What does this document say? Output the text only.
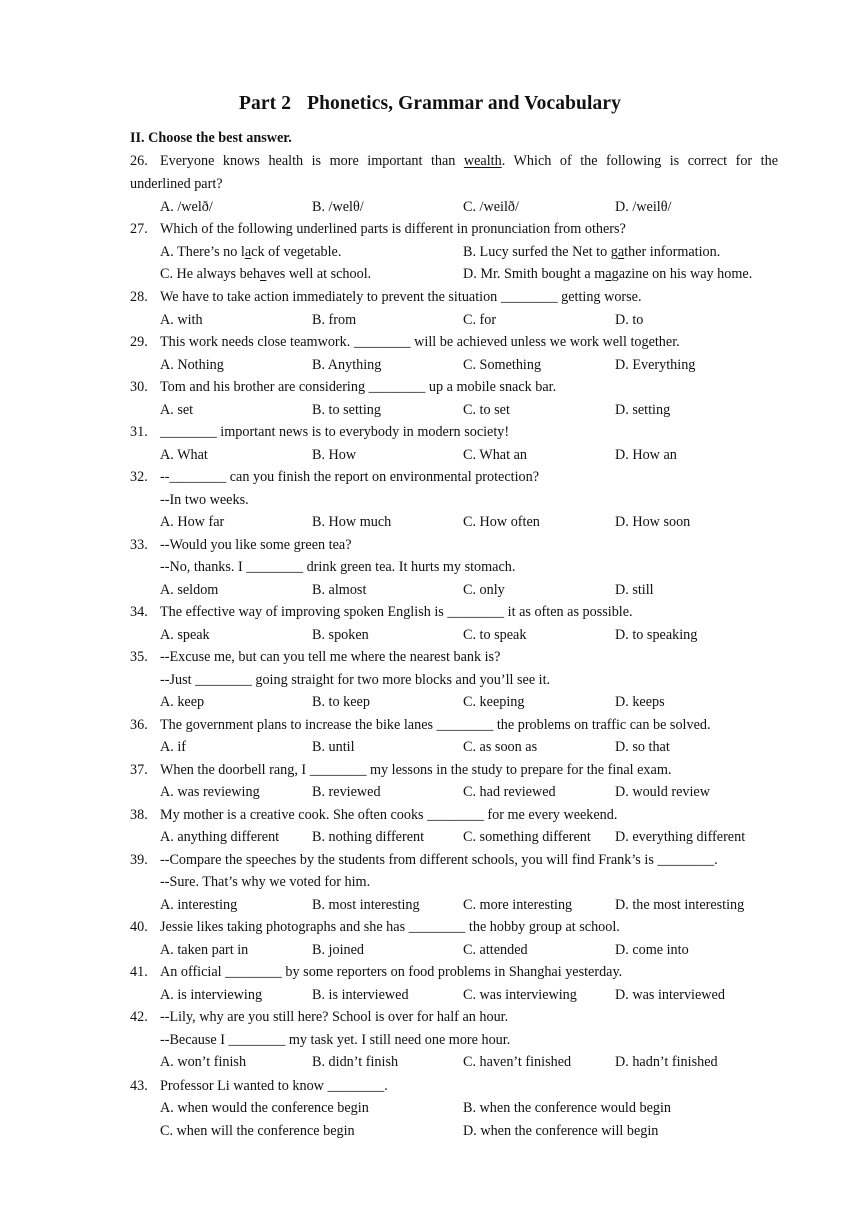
Part 2 Phonetics, Grammar and Vocabulary
II. Choose the best answer.
26. Everyone knows health is more important than wealth. Which of the following is correct for the
underlined part?
A. /welð/	B. /welθ/	C. /weilð/	D. /weilθ/
27. Which of the following underlined parts is different in pronunciation from others?
A. There’s no lack of vegetable.	B. Lucy surfed the Net to gather information.
C. He always behaves well at school.	D. Mr. Smith bought a magazine on his way home.
28. We have to take action immediately to prevent the situation ________ getting worse.
A. with	B. from	C. for	D. to
29. This work needs close teamwork. ________ will be achieved unless we work well together.
A. Nothing	B. Anything	C. Something	D. Everything
30. Tom and his brother are considering ________ up a mobile snack bar.
A. set	B. to setting	C. to set	D. setting
31. ________ important news is to everybody in modern society!
A. What	B. How	C. What an	D. How an
32. --________ can you finish the report on environmental protection?
--In two weeks.
A. How far	B. How much	C. How often	D. How soon
33. --Would you like some green tea?
--No, thanks. I ________ drink green tea. It hurts my stomach.
A. seldom	B. almost	C. only	D. still
34. The effective way of improving spoken English is ________ it as often as possible.
A. speak	B. spoken	C. to speak	D. to speaking
35. --Excuse me, but can you tell me where the nearest bank is?
--Just ________ going straight for two more blocks and you’ll see it.
A. keep	B. to keep	C. keeping	D. keeps
36. The government plans to increase the bike lanes ________ the problems on traffic can be solved.
A. if	B. until	C. as soon as	D. so that
37. When the doorbell rang, I ________ my lessons in the study to prepare for the final exam.
A. was reviewing	B. reviewed	C. had reviewed	D. would review
38. My mother is a creative cook. She often cooks ________ for me every weekend.
A. anything different B. nothing different	C. something different D. everything different
39. --Compare the speeches by the students from different schools, you will find Frank’s is ________.
--Sure. That’s why we voted for him.
A. interesting	B. most interesting	C. more interesting	D. the most interesting
40. Jessie likes taking photographs and she has ________ the hobby group at school.
A. taken part in	B. joined	C. attended	D. come into
41. An official ________ by some reporters on food problems in Shanghai yesterday.
A. is interviewing	B. is interviewed	C. was interviewing	D. was interviewed
42. --Lily, why are you still here? School is over for half an hour.
--Because I ________ my task yet. I still need one more hour.
A. won’t finish	B. didn’t finish	C. haven’t finished	D. hadn’t finished
43. Professor Li wanted to know ________.
A. when would the conference begin	B. when the conference would begin
C. when will the conference begin	D. when the conference will begin
